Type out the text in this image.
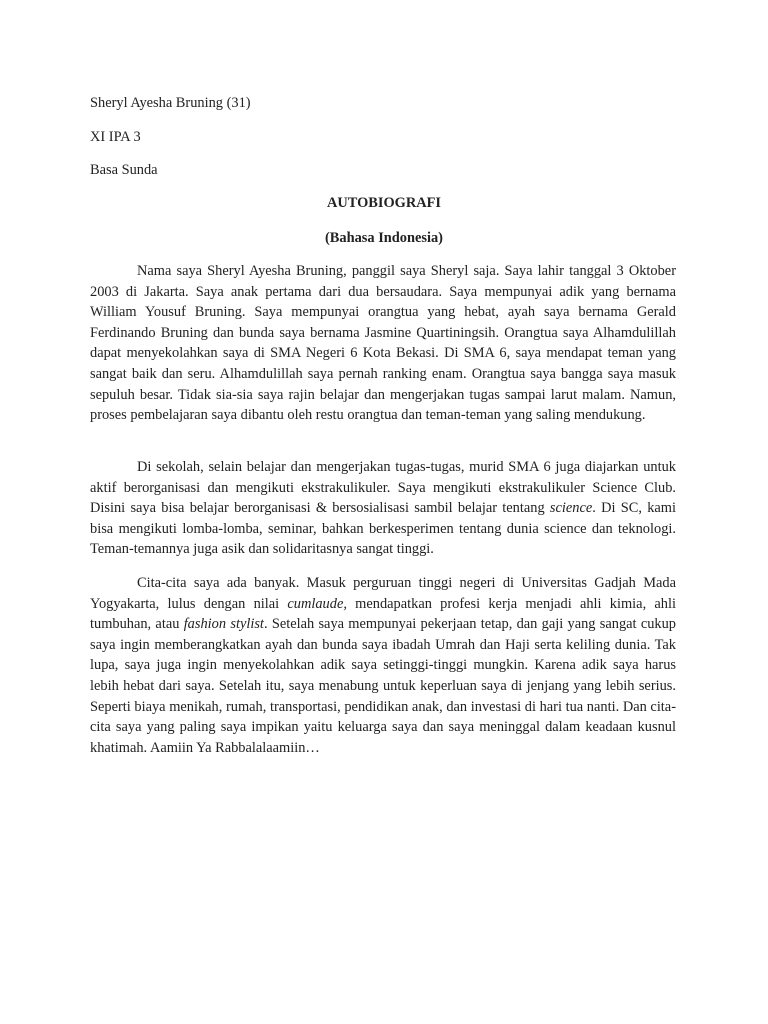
Sheryl Ayesha Bruning (31)

XI IPA 3

Basa Sunda

AUTOBIOGRAFI

(Bahasa Indonesia)

Nama saya Sheryl Ayesha Bruning, panggil saya Sheryl saja. Saya lahir tanggal 3 Oktober 2003 di Jakarta. Saya anak pertama dari dua bersaudara. Saya mempunyai adik yang bernama William Yousuf Bruning. Saya mempunyai orangtua yang hebat, ayah saya bernama Gerald Ferdinando Bruning dan bunda saya bernama Jasmine Quartiningsih. Orangtua saya Alhamdulillah dapat menyekolahkan saya di SMA Negeri 6 Kota Bekasi. Di SMA 6, saya mendapat teman yang sangat baik dan seru. Alhamdulillah saya pernah ranking enam. Orangtua saya bangga saya masuk sepuluh besar. Tidak sia-sia saya rajin belajar dan mengerjakan tugas sampai larut malam. Namun, proses pembelajaran saya dibantu oleh restu orangtua dan teman-teman yang saling mendukung.

Di sekolah, selain belajar dan mengerjakan tugas-tugas, murid SMA 6 juga diajarkan untuk aktif berorganisasi dan mengikuti ekstrakulikuler. Saya mengikuti ekstrakulikuler Science Club. Disini saya bisa belajar berorganisasi & bersosialisasi sambil belajar tentang science. Di SC, kami bisa mengikuti lomba-lomba, seminar, bahkan berkesperimen tentang dunia science dan teknologi. Teman-temannya juga asik dan solidaritasnya sangat tinggi.

Cita-cita saya ada banyak. Masuk perguruan tinggi negeri di Universitas Gadjah Mada Yogyakarta, lulus dengan nilai cumlaude, mendapatkan profesi kerja menjadi ahli kimia, ahli tumbuhan, atau fashion stylist. Setelah saya mempunyai pekerjaan tetap, dan gaji yang sangat cukup saya ingin memberangkatkan ayah dan bunda saya ibadah Umrah dan Haji serta keliling dunia. Tak lupa, saya juga ingin menyekolahkan adik saya setinggi-tinggi mungkin. Karena adik saya harus lebih hebat dari saya. Setelah itu, saya menabung untuk keperluan saya di jenjang yang lebih serius. Seperti biaya menikah, rumah, transportasi, pendidikan anak, dan investasi di hari tua nanti. Dan cita-cita saya yang paling saya impikan yaitu keluarga saya dan saya meninggal dalam keadaan kusnul khatimah. Aamiin Ya Rabbalalaamiin…
